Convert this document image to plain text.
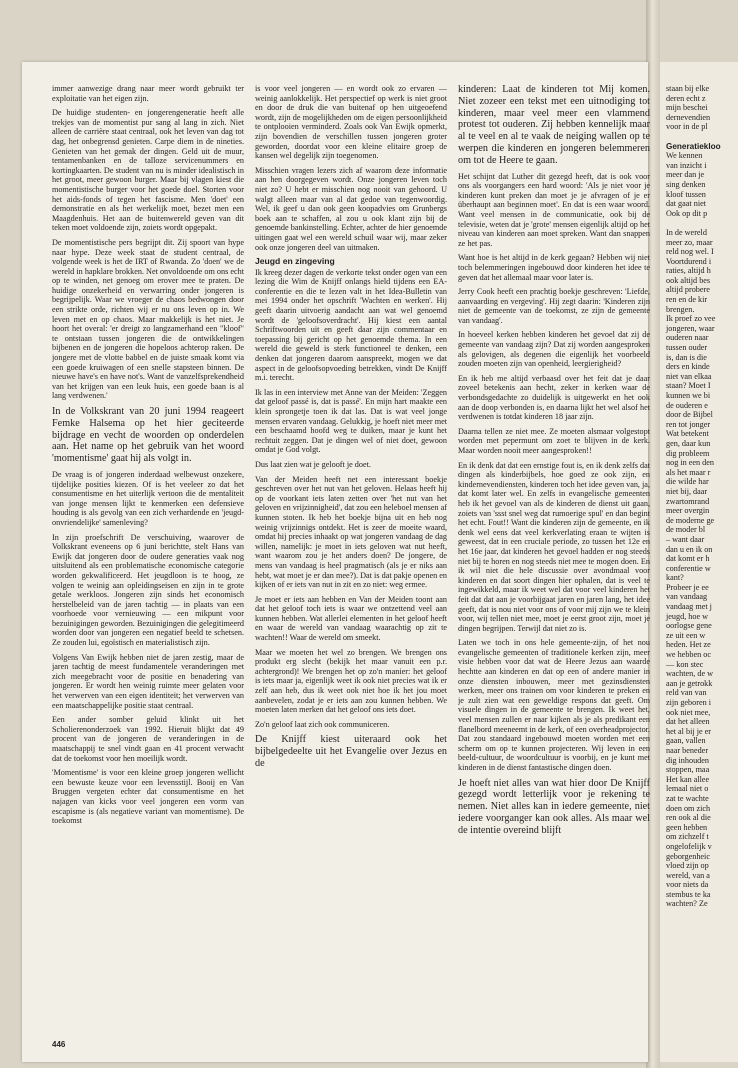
immer aanwezige drang naar meer wordt gebruikt ter exploitatie van het eigen zijn.

De huidige studenten- en jongerengeneratie heeft alle trekjes van de momentist pur sang al lang in zich. Niet alleen de carrière staat centraal, ook het leven van dag tot dag, het onbegrensd genieten. Carpe diem in de nineties. Genieten van het gemak der dingen. Geld uit de muur, tentamenbanken en de talloze servicenummers en kortingkaarten. De student van nu is minder idealistisch in het groot, meer gewoon burger. Maar bij vlagen kiest die momentistische burger voor het goede doel. Storten voor het aids-fonds of tegen het fascisme. Men 'doet' een demonstratie en als het werkelijk moet, bezet men een Maagdenhuis. Het aan de buitenwereld geven van dit teken moet voldoende zijn, zoiets wordt opgepakt.

De momentistische pers begrijpt dit. Zij spoort van hype naar hype. Deze week staat de student centraal, de volgende week is het de IRT of Rwanda. Zo 'doen' we de wereld in hapklare brokken. Net onvoldoende om ons echt op te winden, net genoeg om erover mee te praten. De huidige onzekerheid en verwarring onder jongeren is begrijpelijk. Waar we vroeger de chaos bedwongen door een strikte orde, richten wij er nu ons leven op in. We leven met en op chaos. Maar makkelijk is het niet. Je hoort het overal: 'er dreigt zo langzamerhand een "kloof" te ontstaan tussen jongeren die de ontwikkelingen bijbenen en de jongeren die hopeloos achterop raken. De jongere met de vlotte babbel en de juiste smaak komt via een goede kruiwagen of een snelle stapsteen binnen. De nieuwe have's en have not's. Want de vanzelfsprekendheid van het krijgen van een leuk huis, een goede baan is al lang verdwenen.'

In de Volkskrant van 20 juni 1994 reageert Femke Halsema op het hier geciteerde bijdrage en vecht de woorden op onderdelen aan. Het name op het gebruik van het woord 'momentisme' gaat hij als volgt in.

De vraag is of jongeren inderdaad welbewust onzekere, tijdelijke posities kiezen. Of is het veeleer zo dat het consumentisme en het uiterlijk vertoon die de mentaliteit van jonge mensen lijkt te kenmerken een defensieve houding is als gevolg van een zich verhardende en 'jeugd-onvriendelijke' samenleving?

In zijn proefschrift De verschuiving, waarover de Volkskrant eveneens op 6 juni berichtte, stelt Hans van Ewijk dat jongeren door de oudere generaties vaak nog uitsluitend als een problematische economische categorie worden gekwalificeerd. Het jeugdloon is te hoog, ze volgen te weinig aan opleidingseisen en zijn in te grote getale werkloos. Jongeren zijn sinds het economisch herstelbeleid van de jaren tachtig — in plaats van een voorhoede voor vernieuwing — een mikpunt voor bezuinigingen geworden. Bezuinigingen die gelegitimeerd worden door van jongeren een negatief beeld te schetsen. Ze zouden lui, egoïstisch en materialistisch zijn.

Volgens Van Ewijk hebben niet de jaren zestig, maar de jaren tachtig de meest fundamentele veranderingen met zich meegebracht voor de positie en benadering van jongeren. Er wordt hen weinig ruimte meer gelaten voor het verwerven van een eigen identiteit; het verwerven van een maatschappelijke positie staat centraal.

Een ander somber geluid klinkt uit het Scholierenonderzoek van 1992. Hieruit blijkt dat 49 procent van de jongeren de veranderingen in de maatschappij te snel vindt gaan en 41 procent verwacht dat de toekomst voor hen moeilijk wordt.

'Momentisme' is voor een kleine groep jongeren wellicht een bewuste keuze voor een levensstijl. Booij en Van Bruggen vergeten echter dat consumentisme en het najagen van kicks voor veel jongeren een vorm van escapisme is (als negatieve variant van momentisme). De toekomst

is voor veel jongeren — en wordt ook zo ervaren — weinig aanlokkelijk. Het perspectief op werk is niet groot en door de druk die van buitenaf op hen uitgeoefend wordt, zijn de mogelijkheden om de eigen persoonlijkheid te ontplooien verminderd. Zoals ook Van Ewijk opmerkt, zijn bovendien de verschillen tussen jongeren groter geworden, doordat voor een kleine elitaire groep de kansen wel degelijk zijn toegenomen.

Misschien vragen lezers zich af waarom deze informatie aan hen doorgegeven wordt. Onze jongeren leven toch niet zo? U hebt er misschien nog nooit van gehoord. U walgt alleen maar van al dat gedoe van tegenwoordig. Wel, ik geef u dan ook geen koopadvies om Grunbergs boek aan te schaffen, al zou u ook klant zijn bij de genoemde bankinstelling. Echter, achter de hier genoemde uitingen gaat wel een wereld schuil waar wij, maar zeker ook onze jongeren deel van uitmaken.

Jeugd en zingeving

Ik kreeg dezer dagen de verkorte tekst onder ogen van een lezing die Wim de Knijff onlangs hield tijdens een EA-conferentie en die te lezen valt in het Idea-Bulletin van mei 1994 onder het opschrift 'Wachten en werken'. Hij geeft daarin uitvoerig aandacht aan wat wel genoemd wordt de 'geloofsoverdracht'. Hij kiest een aantal Schriftwoorden uit en geeft daar zijn commentaar en toepassing bij gericht op het genoemde thema. In een wereld die geweld is sterk functioneel te denken, een denken dat jongeren daarom aanspreekt, mogen we dat aspect in de geloofsopvoeding betrekken, vindt De Knijff m.i. terecht.

Ik las in een interview met Anne van der Meiden: 'Zeggen dat geloof passé is, dat is passé'. En mijn hart maakte een klein sprongetje toen ik dat las. Dat is wat veel jonge mensen ervaren vandaag. Gelukkig, je hoeft niet meer met een beschaamd hoofd weg te duiken, maar je kunt het rechtuit zeggen. Dat je dingen wel of niet doet, gewoon omdat je God volgt.

Dus laat zien wat je gelooft je doet.

Van der Meiden heeft net een interessant boekje geschreven over het nut van het geloven. Helaas heeft hij op de voorkant iets laten zetten over 'het nut van het geloven en vrijzinnigheid', dat zou een heleboel mensen af kunnen stoten. Ik heb het boekje bijna uit en heb nog weinig vrijzinnigs ontdekt. Het is zeer de moeite waard, omdat hij precies inhaakt op wat jongeren vandaag de dag willen, namelijk: je moet in iets geloven wat nut heeft, want waarom zou je het anders doen? De jongere, de mens van vandaag is heel pragmatisch (als je er niks aan hebt, wat moet je er dan mee?). Dat is dat pakje openen en kijken of er iets van nut in zit en zo niet: weg ermee.

Je moet er iets aan hebben en Van der Meiden toont aan dat het geloof toch iets is waar we ontzettend veel aan kunnen hebben. Wat allerlei elementen in het geloof heeft en waar de wereld van vandaag waarachtig op zit te wachten!! Waar de wereld om smeekt.

Maar we moeten het wel zo brengen. We brengen ons produkt erg slecht (bekijk het maar vanuit een p.r. achtergrond)! We brengen het op zo'n manier: het geloof is iets maar ja, eigenlijk weet ik ook niet precies wat ik er zelf aan heb, dus ik weet ook niet hoe ik het jou moet aanbevelen, zodat je er iets aan zou kunnen hebben. We moeten laten merken dat het geloof ons iets doet.

Zo'n geloof laat zich ook communiceren.

De Knijff kiest uiteraard ook het bijbelgedeelte uit het Evangelie over Jezus en de

kinderen: Laat de kinderen tot Mij komen. Niet zozeer een tekst met een uitnodiging tot kinderen, maar veel meer een vlammend protest tot ouderen. Zij hebben kennelijk maar al te veel en al te vaak de neiging wallen op te werpen die kinderen en jongeren belemmeren om tot de Heere te gaan.

Het schijnt dat Luther dit gezegd heeft, dat is ook voor ons als voorgangers een hard woord: 'Als je niet voor je kinderen kunt preken dan moet je je afvragen of je er überhaupt aan beginnen moet'. En dat is een waar woord. Want veel mensen in de communicatie, ook bij de televisie, weten dat je 'grote' mensen eigenlijk altijd op het niveau van kinderen aan moet spreken. Want dan snappen ze het pas.

Want hoe is het altijd in de kerk gegaan? Hebben wij niet toch belemmeringen ingebouwd door kinderen het idee te geven dat het allemaal maar voor later is.

Jerry Cook heeft een prachtig boekje geschreven: 'Liefde, aanvaarding en vergeving'. Hij zegt daarin: 'Kinderen zijn niet de gemeente van de toekomst, ze zijn de gemeente van vandaag'.

In hoeveel kerken hebben kinderen het gevoel dat zij de gemeente van vandaag zijn? Dat zij worden aangesproken als gelovigen, als degenen die eigenlijk het voorbeeld zouden moeten zijn van openheid, leergierigheid?

En ik heb me altijd verbaasd over het feit dat je daar zoveel betekenis aan hecht, zeker in kerken waar de verbondsgedachte zo duidelijk is uitgewerkt en het ook aan de doop verbonden is, en daarna lijkt het wel alsof het verdwenen is totdat kinderen 18 jaar zijn.

Daarna tellen ze niet mee. Ze moeten alsmaar volgestopt worden met pepermunt om zoet te blijven in de kerk. Maar worden nooit meer aangesproken!!

En ik denk dat dat een ernstige fout is, en ik denk zelfs dat dingen als kinderbijbels, hoe goed ze ook zijn, en kindernevendiensten, kinderen toch het idee geven van, ja, dat komt later wel. En zelfs in evangelische gemeenten heb ik het gevoel van als de kinderen de dienst uit gaan, zoiets van 'ssst snel weg dat rumoerige spul' en dan begint het echt. Fout!! Want die kinderen zijn de gemeente, en ik denk wel eens dat veel kerkverlating eraan te wijten is geweest, dat in een cruciale periode, zo tussen het 12e en het 16e jaar, dat kinderen het gevoel hadden er nog steeds niet bij te horen en nog steeds niet mee te mogen doen. En ik wil niet die hele discussie over avondmaal voor kinderen en dat soort dingen hier ophalen, dat is veel te ingewikkeld, maar ik weet wel dat voor veel kinderen het feit dat dat aan je voorbijgaat jaren en jaren lang, het idee geeft, dat is nou niet voor ons of voor mij zijn we te klein voor, wij tellen niet mee, moet je eerst groot zijn, moet je dingen begrijpen. Terwijl dat niet zo is.

Laten we toch in ons hele gemeente-zijn, of het nou evangelische gemeenten of traditionele kerken zijn, meer visie hebben voor dat wat de Heere Jezus aan waarde hechtte aan kinderen en dat op een of andere manier in onze diensten inbouwen, meer met gezinsdiensten werken, meer ons trainen om voor kinderen te preken en je zult zien wat een geweldige respons dat geeft. Om visuele dingen in de gemeente te brengen. Ik weet het, veel mensen zullen er naar kijken als je als predikant een flanelbord meeneemt in de kerk, of een overheadprojector. Dat zou standaard ingebouwd moeten worden met een scherm om op te kunnen projecteren. Wij leven in een beeld-cultuur, de woordcultuur is voorbij, en je kunt met kinderen in de dienst fantastische dingen doen.

Je hoeft niet alles van wat hier door De Knijff gezegd wordt letterlijk voor je rekening te nemen. Niet alles kan in iedere gemeente, niet iedere voorganger kan ook alles. Als maar wel de intentie overeind blijft

446
staan bij elke
deren echt z
mijn beschei
dernevendien
voor in de pl
Generatiekloo
We kennen
van inzicht i
meer dan je
sing denken
kloof tussen
dat gaat niet
Ook op dit p
In de wereld
meer zo, maar
reld nog wel. I
Voortdurend i
raties, altijd h
ook altijd bes
altijd probere
ren en de kir
brengen.
Ik proef zo vee
jongeren, waar
ouderen naar
tussen ouder
is, dan is die
ders en kinde
niet van elkaa
staan? Moet I
kunnen we bi
de ouderen e
door de Bijbel
ren tot jonger
Wat betekent
gen, daar kun
dig probleem
nog in een den
als het maar r
die wilde har
niet bij, daar
zwartomrand
meer overgin
de moderne ge
de moder bl
– want daar
dan u en ik on
dat komt er h
conferentie w
kant?
Probeer je ee
van vandaag
vandaag met j
jeugd, hoe w
oorlogse gene
ze uit een w
heden. Het ze
we hebben oc
— kon stec
wachten, de w
aan je getrokk
reld van van
zijn geboren i
ook niet mee,
dat het alleen
het al bij je er
gaan, vallen
naar beneder
dig inhouden
stoppen, maa
Het kan allee
lemaal niet o
zat te wachte
doen om zich
ren ook al die
geen hebben
om zichzelf t
ongelofelijk v
geborgenheic
vloed zijn op
wereld, van a
voor niets da
stembus te ka
wachten? Ze
